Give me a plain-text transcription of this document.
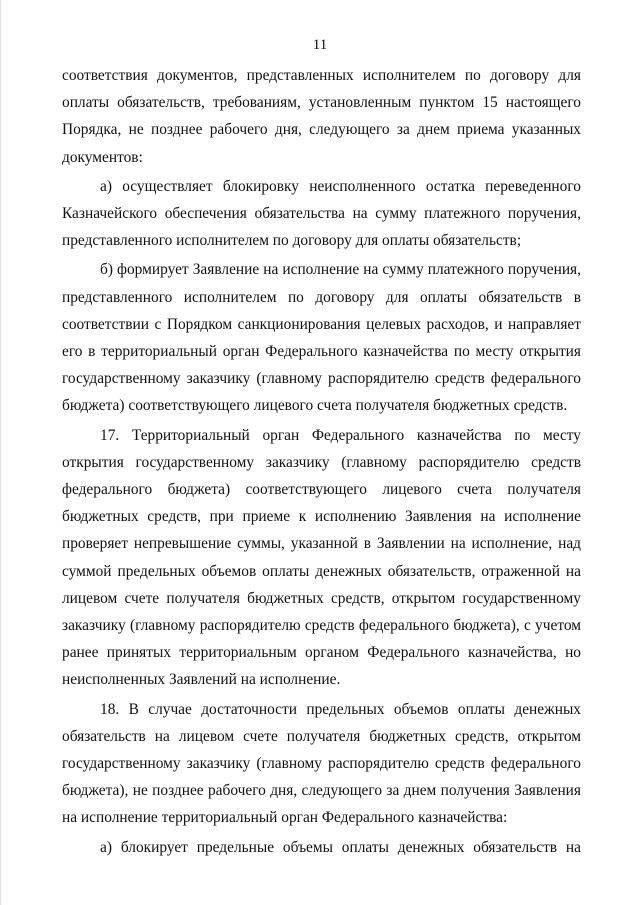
11
соответствия документов, представленных исполнителем по договору для
оплаты обязательств, требованиям, установленным пунктом 15 настоящего
Порядка, не позднее рабочего дня, следующего за днем приема указанных
документов:
а) осуществляет блокировку неисполненного остатка переведенного
Казначейского обеспечения обязательства на сумму платежного поручения,
представленного исполнителем по договору для оплаты обязательств;
б) формирует Заявление на исполнение на сумму платежного поручения,
представленного исполнителем по договору для оплаты обязательств в
соответствии с Порядком санкционирования целевых расходов, и направляет
его в территориальный орган Федерального казначейства по месту открытия
государственному заказчику (главному распорядителю средств федерального
бюджета) соответствующего лицевого счета получателя бюджетных средств.
17. Территориальный орган Федерального казначейства по месту
открытия государственному заказчику (главному распорядителю средств
федерального бюджета) соответствующего лицевого счета получателя
бюджетных средств, при приеме к исполнению Заявления на исполнение
проверяет непревышение суммы, указанной в Заявлении на исполнение, над
суммой предельных объемов оплаты денежных обязательств, отраженной на
лицевом счете получателя бюджетных средств, открытом государственному
заказчику (главному распорядителю средств федерального бюджета), с учетом
ранее принятых территориальным органом Федерального казначейства, но
неисполненных Заявлений на исполнение.
18. В случае достаточности предельных объемов оплаты денежных
обязательств на лицевом счете получателя бюджетных средств, открытом
государственному заказчику (главному распорядителю средств федерального
бюджета), не позднее рабочего дня, следующего за днем получения Заявления
на исполнение территориальный орган Федерального казначейства:
а) блокирует предельные объемы оплаты денежных обязательств на
